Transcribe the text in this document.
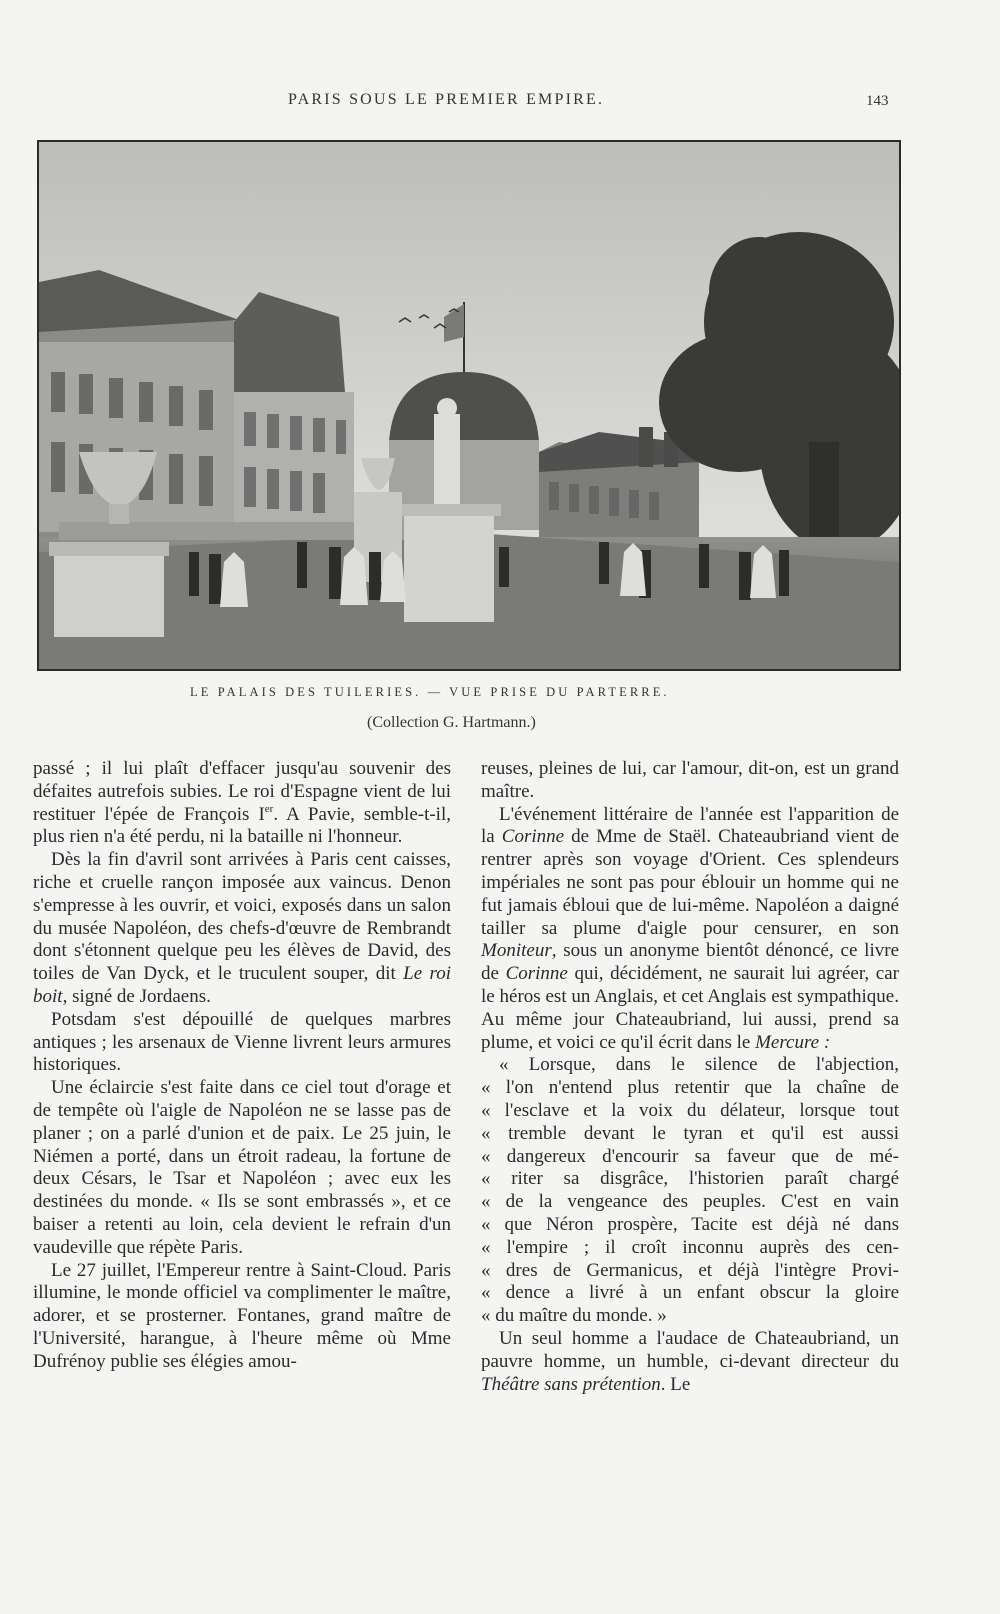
PARIS SOUS LE PREMIER EMPIRE.	143
LE PALAIS DES TUILERIES. — VUE PRISE DU PARTERRE.
(Collection G. Hartmann.)

passé ; il lui plaît d'effacer jusqu'au souvenir des défaites autrefois subies. Le roi d'Espagne vient de lui restituer l'épée de François Ier. A Pavie, semble-t-il, plus rien n'a été perdu, ni la bataille ni l'honneur.

Dès la fin d'avril sont arrivées à Paris cent caisses, riche et cruelle rançon imposée aux vaincus. Denon s'empresse à les ouvrir, et voici, exposés dans un salon du musée Napoléon, des chefs-d'œuvre de Rembrandt dont s'étonnent quelque peu les élèves de David, des toiles de Van Dyck, et le truculent souper, dit Le roi boit, signé de Jordaens.

Potsdam s'est dépouillé de quelques marbres antiques ; les arsenaux de Vienne livrent leurs armures historiques.

Une éclaircie s'est faite dans ce ciel tout d'orage et de tempête où l'aigle de Napoléon ne se lasse pas de planer ; on a parlé d'union et de paix. Le 25 juin, le Niémen a porté, dans un étroit radeau, la fortune de deux Césars, le Tsar et Napoléon ; avec eux les destinées du monde. « Ils se sont embrassés », et ce baiser a retenti au loin, cela devient le refrain d'un vaudeville que répète Paris.

Le 27 juillet, l'Empereur rentre à Saint-Cloud. Paris illumine, le monde officiel va complimenter le maître, adorer, et se prosterner. Fontanes, grand maître de l'Université, harangue, à l'heure même où Mme Dufrénoy publie ses élégies amou-

reuses, pleines de lui, car l'amour, dit-on, est un grand maître.

L'événement littéraire de l'année est l'apparition de la Corinne de Mme de Staël. Chateaubriand vient de rentrer après son voyage d'Orient. Ces splendeurs impériales ne sont pas pour éblouir un homme qui ne fut jamais ébloui que de lui-même. Napoléon a daigné tailler sa plume d'aigle pour censurer, en son Moniteur, sous un anonyme bientôt dénoncé, ce livre de Corinne qui, décidément, ne saurait lui agréer, car le héros est un Anglais, et cet Anglais est sympathique. Au même jour Chateaubriand, lui aussi, prend sa plume, et voici ce qu'il écrit dans le Mercure :

« Lorsque, dans le silence de l'abjection,
« l'on n'entend plus retentir que la chaîne de
« l'esclave et la voix du délateur, lorsque tout
« tremble devant le tyran et qu'il est aussi
« dangereux d'encourir sa faveur que de mé-
« riter sa disgrâce, l'historien paraît chargé
« de la vengeance des peuples. C'est en vain
« que Néron prospère, Tacite est déjà né dans
« l'empire ; il croît inconnu auprès des cen-
« dres de Germanicus, et déjà l'intègre Provi-
« dence a livré à un enfant obscur la gloire
« du maître du monde. »

Un seul homme a l'audace de Chateaubriand, un pauvre homme, un humble, ci-devant directeur du Théâtre sans prétention. Le
